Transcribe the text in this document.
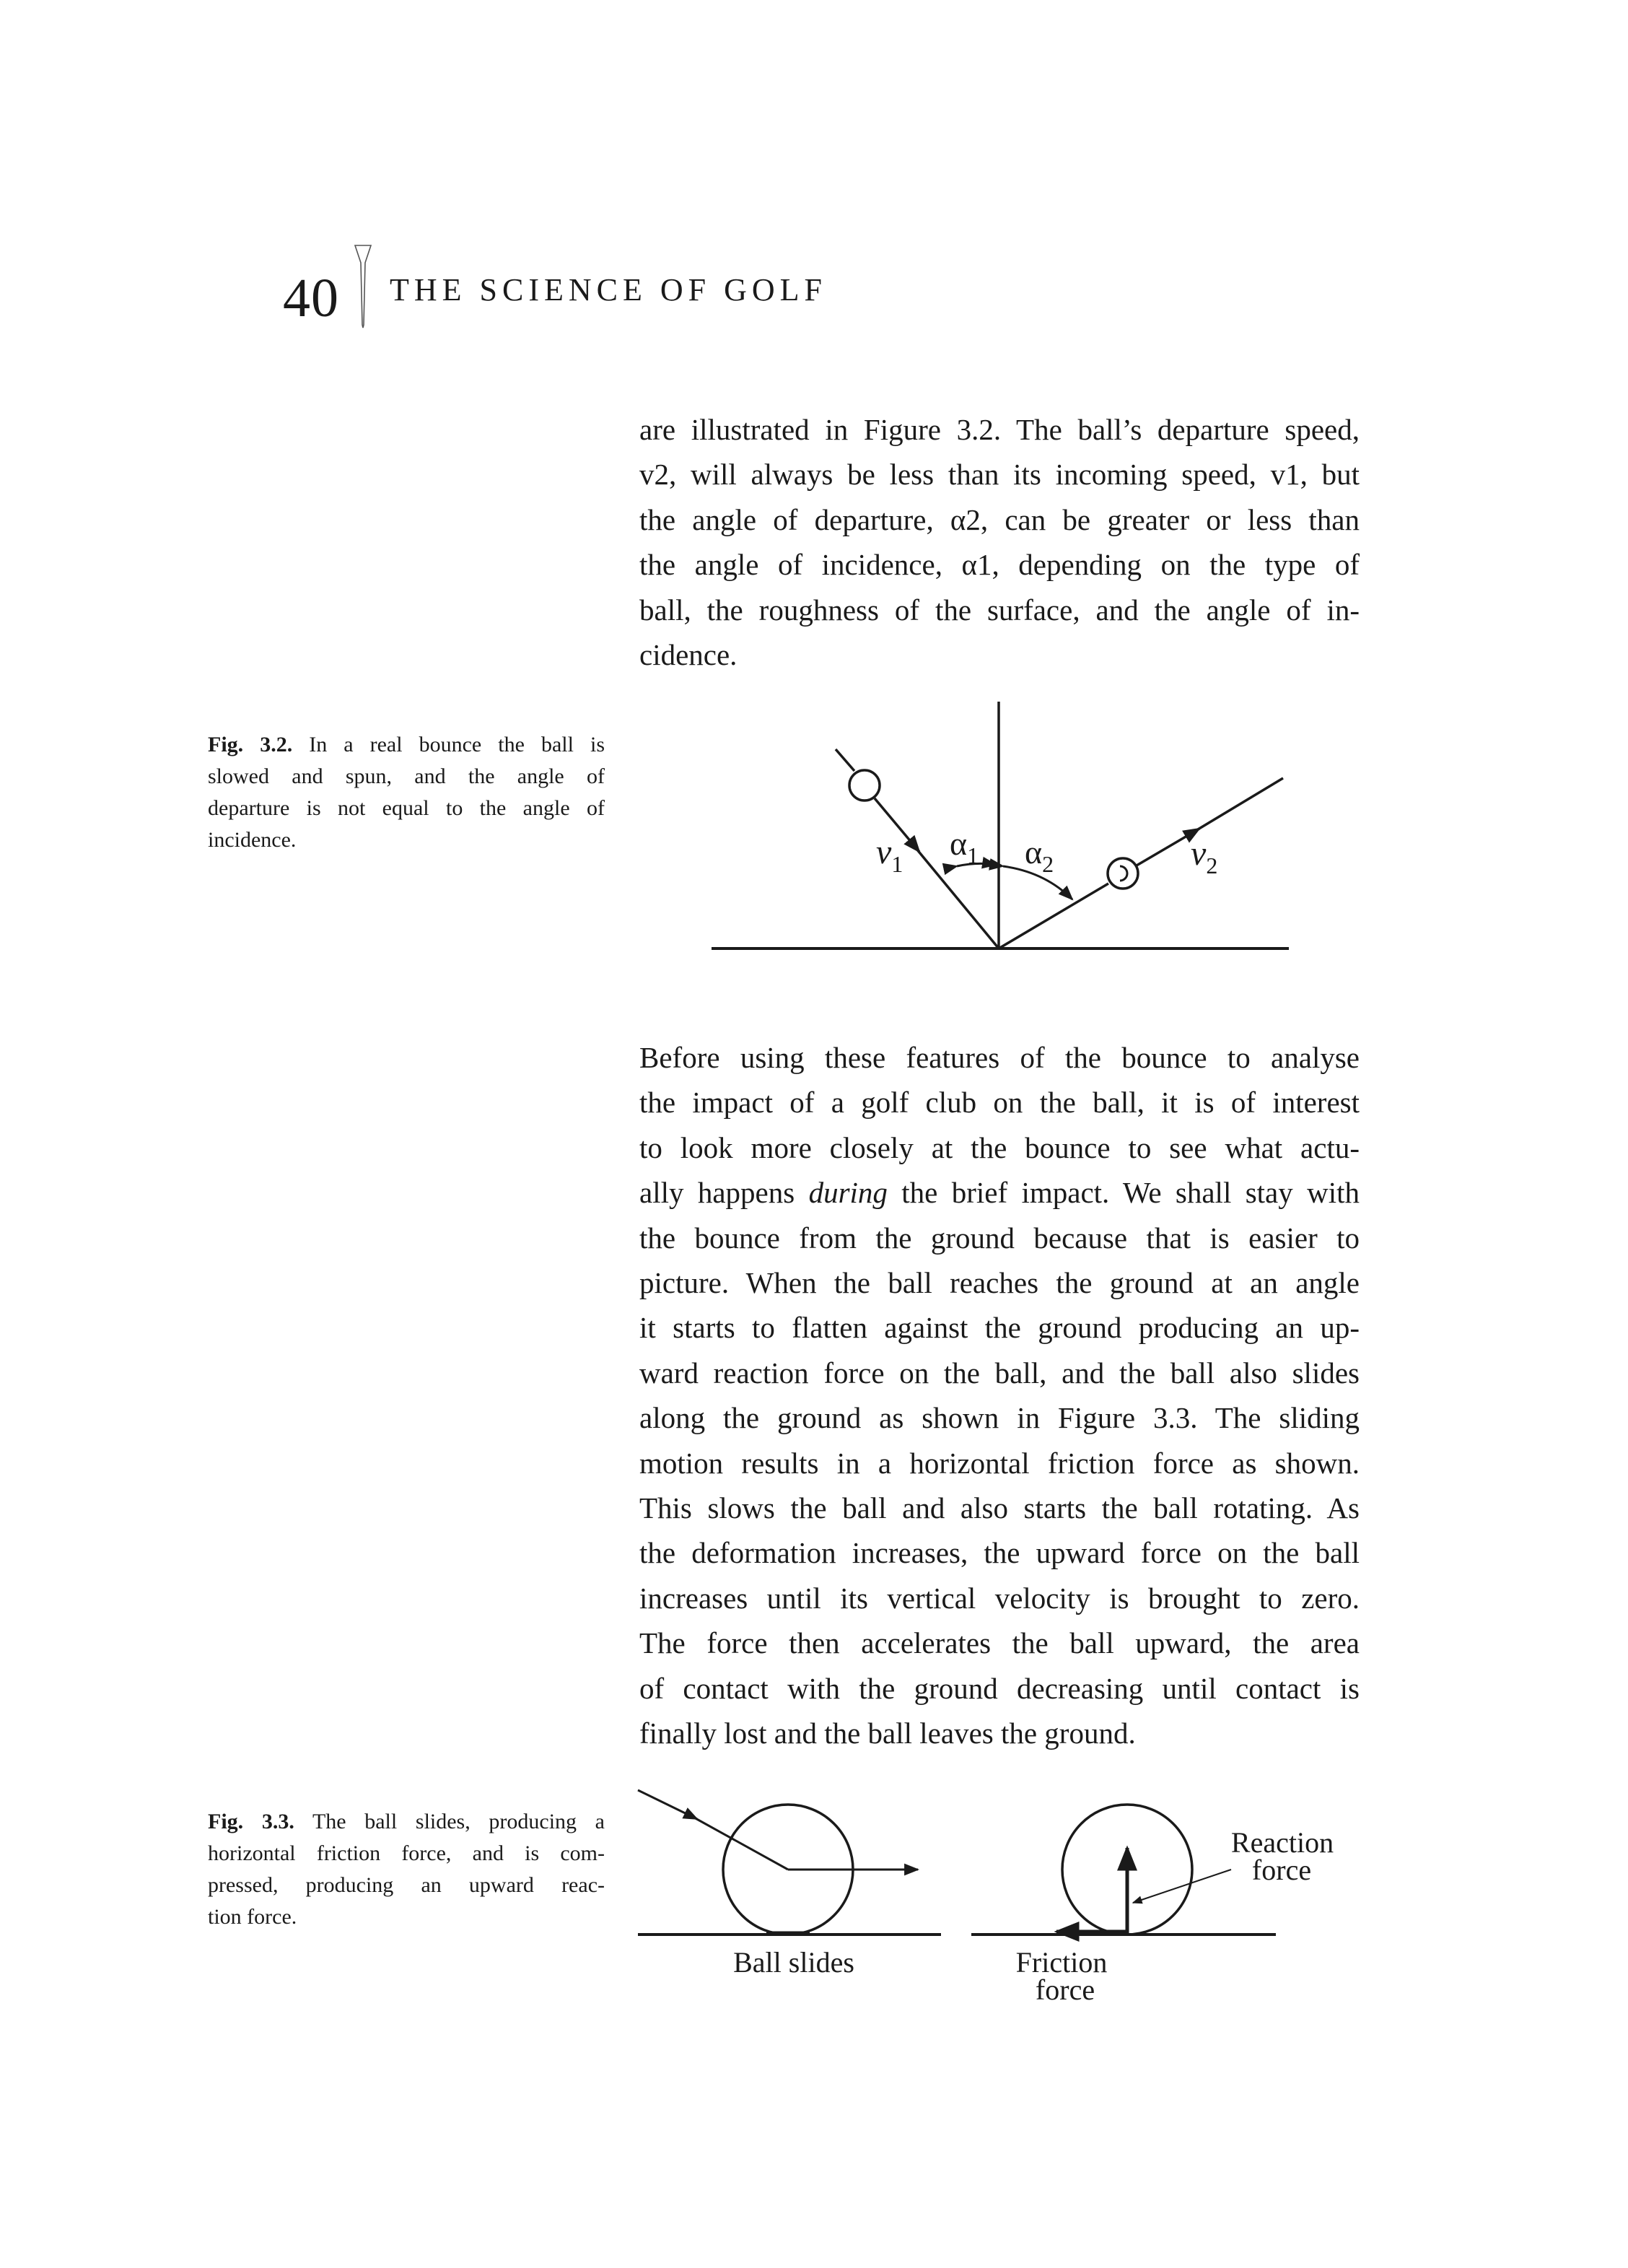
40 THE SCIENCE OF GOLF

are illustrated in Figure 3.2. The ball’s departure speed,
v2, will always be less than its incoming speed, v1, but
the angle of departure, α2, can be greater or less than
the angle of incidence, α1, depending on the type of
ball, the roughness of the surface, and the angle of in-
cidence.

Fig. 3.2. In a real bounce the ball is
slowed and spun, and the angle of
departure is not equal to the angle of
incidence.	$v_1$
$\alpha_1$ $\alpha_2$	$v_2$

Before using these features of the bounce to analyse
the impact of a golf club on the ball, it is of interest
to look more closely at the bounce to see what actu-
ally happens during the brief impact. We shall stay with
the bounce from the ground because that is easier to
picture. When the ball reaches the ground at an angle
it starts to flatten against the ground producing an up-
ward reaction force on the ball, and the ball also slides
along the ground as shown in Figure 3.3. The sliding
motion results in a horizontal friction force as shown.
This slows the ball and also starts the ball rotating. As
the deformation increases, the upward force on the ball
increases until its vertical velocity is brought to zero.
The force then accelerates the ball upward, the area
of contact with the ground decreasing until contact is
finally lost and the ball leaves the ground.

Fig. 3.3. The ball slides, producing a
horizontal friction force, and is com-
pressed, producing an upward reac-
tion force.

Ball slides
Reaction force
Friction force
